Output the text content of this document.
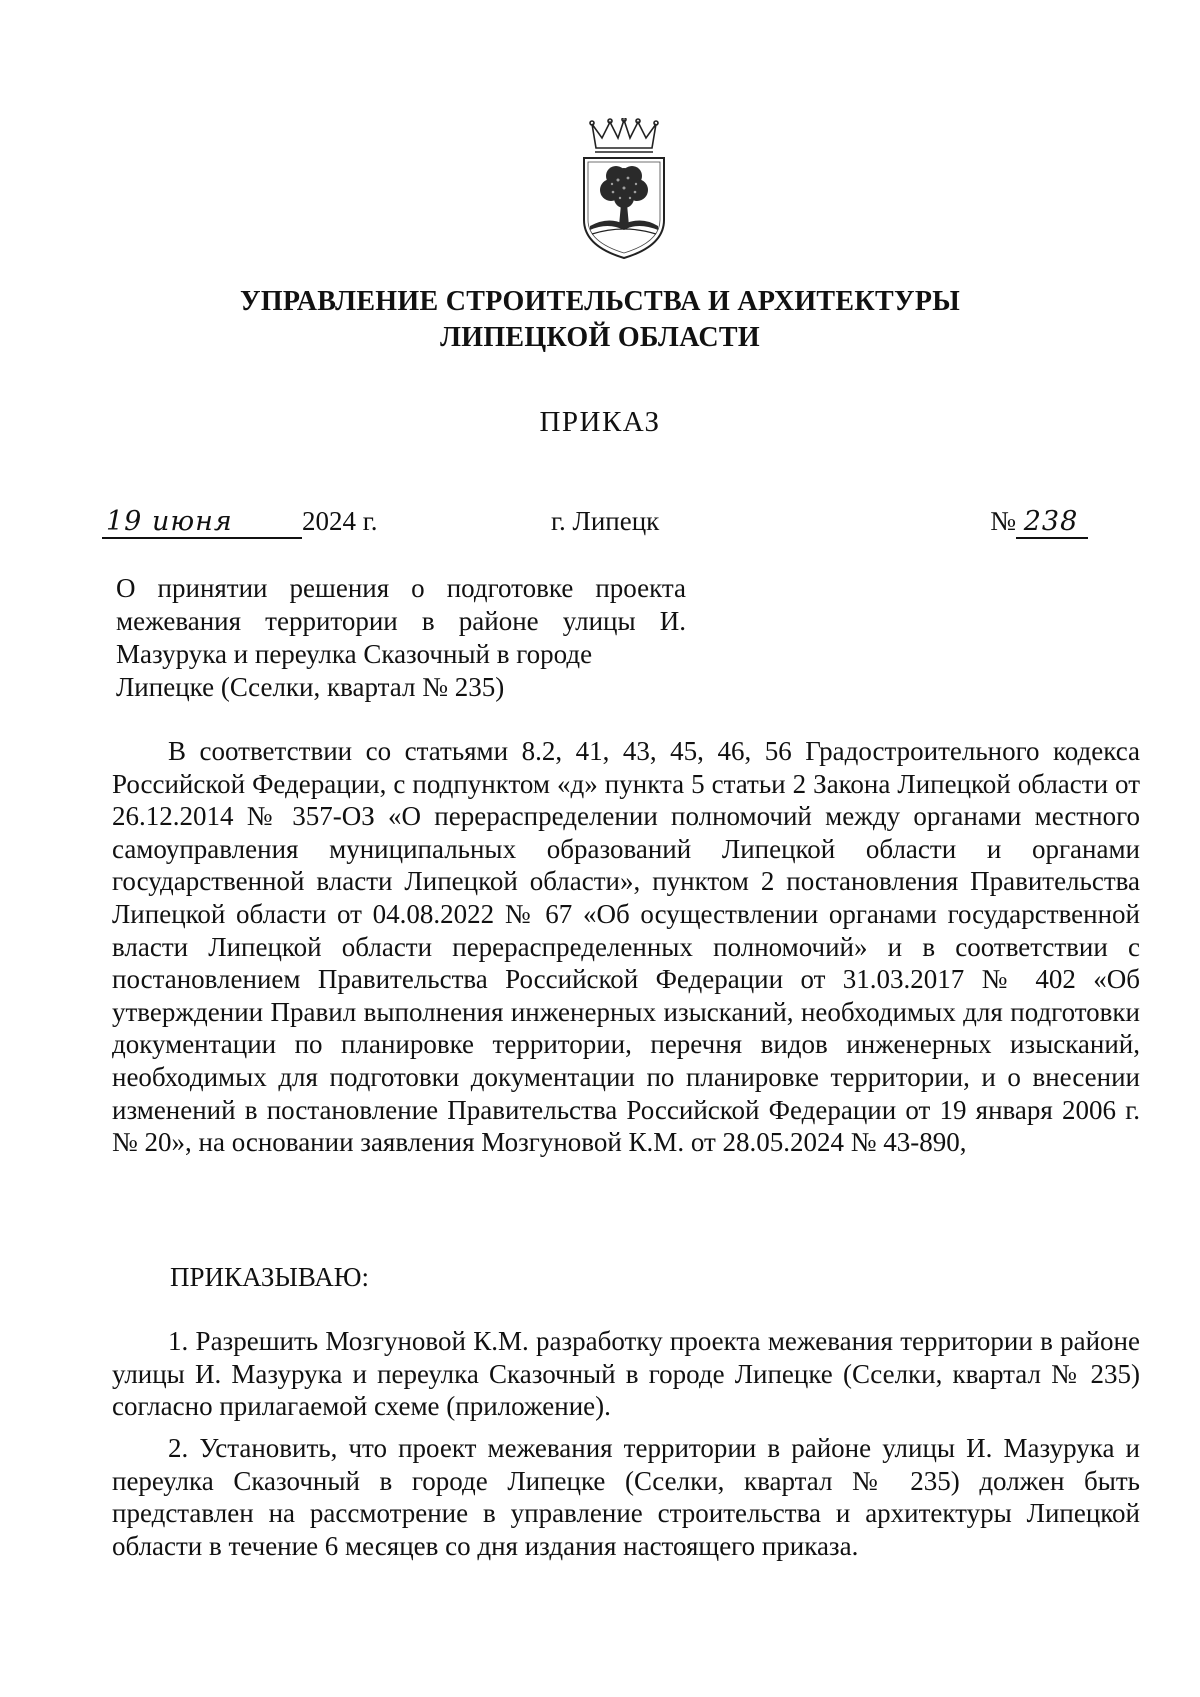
УПРАВЛЕНИЕ СТРОИТЕЛЬСТВА И АРХИТЕКТУРЫ
ЛИПЕЦКОЙ ОБЛАСТИ
ПРИКАЗ
19 июня	2024 г.	г. Липецк	№ 238

О принятии решения о подготовке проекта межевания территории в районе улицы И. Мазурука и переулка Сказочный в городе

Липецке (Сселки, квартал № 235)

В соответствии со статьями 8.2, 41, 43, 45, 46, 56 Градостроительного кодекса Российской Федерации, с подпунктом «д» пункта 5 статьи 2 Закона Липецкой области от 26.12.2014 № 357-ОЗ «О перераспределении полномочий между органами местного самоуправления муниципальных образований Липецкой области и органами государственной власти Липецкой области», пунктом 2 постановления Правительства Липецкой области от 04.08.2022 № 67 «Об осуществлении органами государственной власти Липецкой области перераспределенных полномочий» и в соответствии с постановлением Правительства Российской Федерации от 31.03.2017 № 402 «Об утверждении Правил выполнения инженерных изысканий, необходимых для подготовки документации по планировке территории, перечня видов инженерных изысканий, необходимых для подготовки документации по планировке территории, и о внесении изменений в постановление Правительства Российской Федерации от 19 января 2006 г. № 20», на основании заявления Мозгуновой К.М. от 28.05.2024 № 43-890,

ПРИКАЗЫВАЮ:

1. Разрешить Мозгуновой К.М. разработку проекта межевания территории в районе улицы И. Мазурука и переулка Сказочный в городе Липецке (Сселки, квартал № 235) согласно прилагаемой схеме (приложение).

2. Установить, что проект межевания территории в районе улицы И. Мазурука и переулка Сказочный в городе Липецке (Сселки, квартал № 235) должен быть представлен на рассмотрение в управление строительства и архитектуры Липецкой области в течение 6 месяцев со дня издания настоящего приказа.
